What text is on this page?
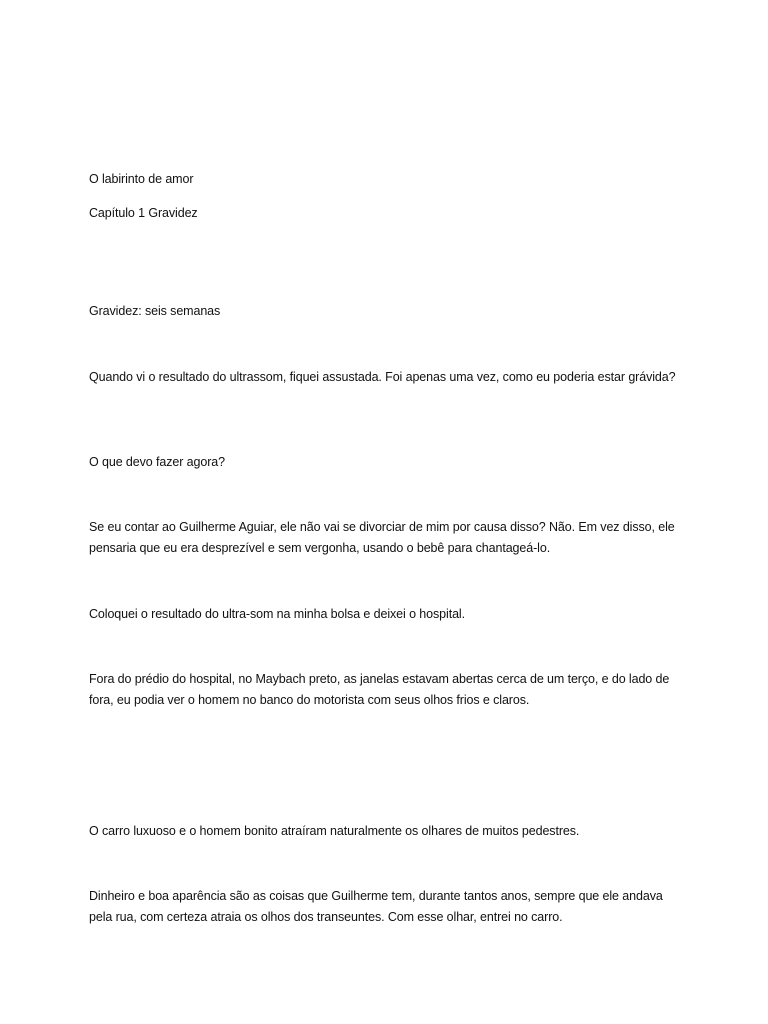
O labirinto de amor

Capítulo 1 Gravidez

Gravidez: seis semanas

Quando vi o resultado do ultrassom, fiquei assustada. Foi apenas uma vez, como eu poderia estar grávida?

O que devo fazer agora?

Se eu contar ao Guilherme Aguiar, ele não vai se divorciar de mim por causa disso? Não. Em vez disso, ele pensaria que eu era desprezível e sem vergonha, usando o bebê para chantageá-lo.

Coloquei o resultado do ultra-som na minha bolsa e deixei o hospital.

Fora do prédio do hospital, no Maybach preto, as janelas estavam abertas cerca de um terço, e do lado de fora, eu podia ver o homem no banco do motorista com seus olhos frios e claros.

O carro luxuoso e o homem bonito atraíram naturalmente os olhares de muitos pedestres.

Dinheiro e boa aparência são as coisas que Guilherme tem, durante tantos anos, sempre que ele andava pela rua, com certeza atraia os olhos dos transeuntes. Com esse olhar, entrei no carro.
